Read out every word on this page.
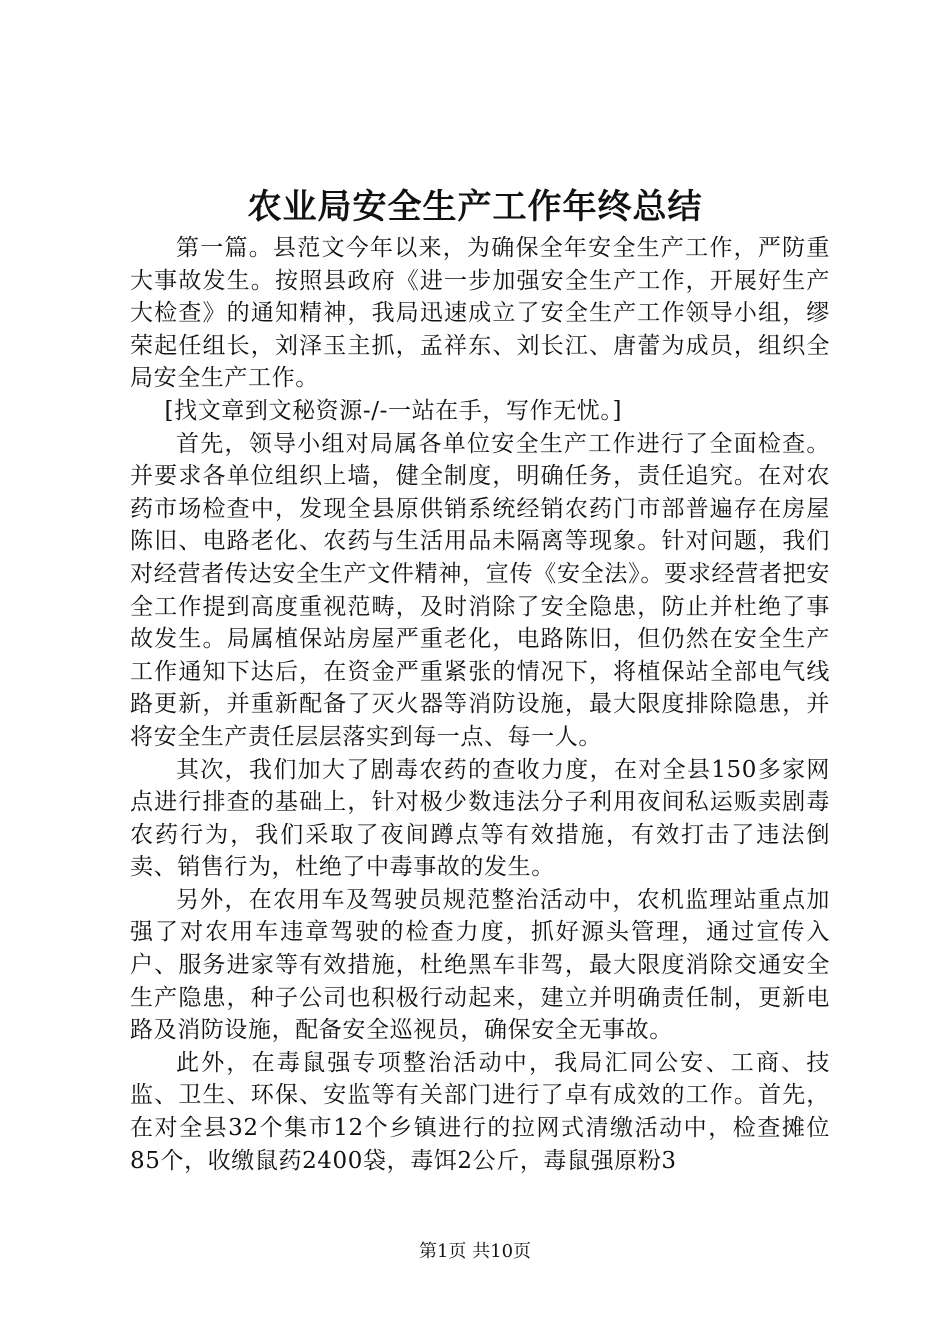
农业局安全生产工作年终总结

第一篇。县范文今年以来，为确保全年安全生产工作，严防重大事故发生。按照县政府《进一步加强安全生产工作，开展好生产大检查》的通知精神，我局迅速成立了安全生产工作领导小组，缪荣起任组长，刘泽玉主抓，孟祥东、刘长江、唐蕾为成员，组织全局安全生产工作。

[找文章到文秘资源-/-一站在手，写作无忧。]

首先，领导小组对局属各单位安全生产工作进行了全面检查。并要求各单位组织上墙，健全制度，明确任务，责任追究。在对农药市场检查中，发现全县原供销系统经销农药门市部普遍存在房屋陈旧、电路老化、农药与生活用品未隔离等现象。针对问题，我们对经营者传达安全生产文件精神，宣传《安全法》。要求经营者把安全工作提到高度重视范畴，及时消除了安全隐患，防止并杜绝了事故发生。局属植保站房屋严重老化，电路陈旧，但仍然在安全生产工作通知下达后，在资金严重紧张的情况下，将植保站全部电气线路更新，并重新配备了灭火器等消防设施，最大限度排除隐患，并将安全生产责任层层落实到每一点、每一人。

其次，我们加大了剧毒农药的查收力度，在对全县150多家网点进行排查的基础上，针对极少数违法分子利用夜间私运贩卖剧毒农药行为，我们采取了夜间蹲点等有效措施，有效打击了违法倒卖、销售行为，杜绝了中毒事故的发生。

另外，在农用车及驾驶员规范整治活动中，农机监理站重点加强了对农用车违章驾驶的检查力度，抓好源头管理，通过宣传入户、服务进家等有效措施，杜绝黑车非驾，最大限度消除交通安全生产隐患，种子公司也积极行动起来，建立并明确责任制，更新电路及消防设施，配备安全巡视员，确保安全无事故。

此外，在毒鼠强专项整治活动中，我局汇同公安、工商、技监、卫生、环保、安监等有关部门进行了卓有成效的工作。首先，在对全县32个集市12个乡镇进行的拉网式清缴活动中，检查摊位85个，收缴鼠药2400袋，毒饵2公斤，毒鼠强原粉3

第1页 共10页
